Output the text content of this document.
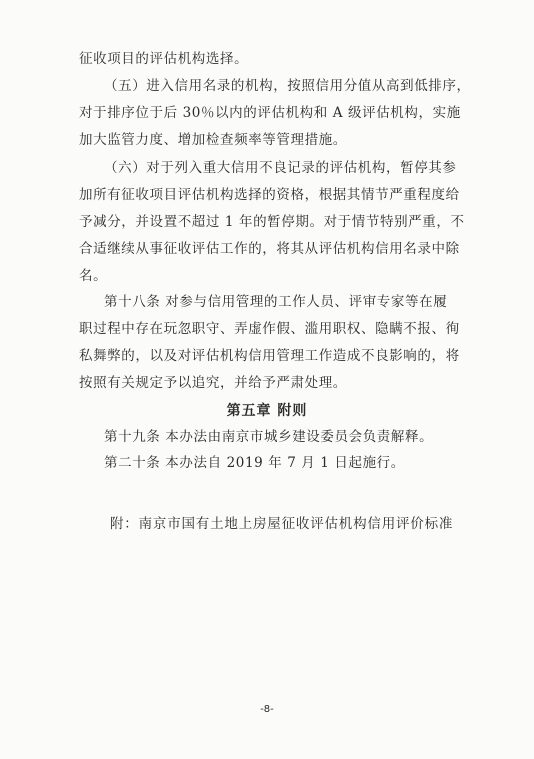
征收项目的评估机构选择。
（五）进入信用名录的机构，按照信用分值从高到低排序，
对于排序位于后 30％以内的评估机构和 A 级评估机构，实施
加大监管力度、增加检查频率等管理措施。
（六）对于列入重大信用不良记录的评估机构，暂停其参
加所有征收项目评估机构选择的资格，根据其情节严重程度给
予减分，并设置不超过 1 年的暂停期。对于情节特别严重，不
合适继续从事征收评估工作的，将其从评估机构信用名录中除
名。
第十八条 对参与信用管理的工作人员、评审专家等在履
职过程中存在玩忽职守、弄虚作假、滥用职权、隐瞒不报、徇
私舞弊的，以及对评估机构信用管理工作造成不良影响的，将
按照有关规定予以追究，并给予严肃处理。
第五章 附则
第十九条 本办法由南京市城乡建设委员会负责解释。
第二十条 本办法自 2019 年 7 月 1 日起施行。
附：南京市国有土地上房屋征收评估机构信用评价标准
-8-
